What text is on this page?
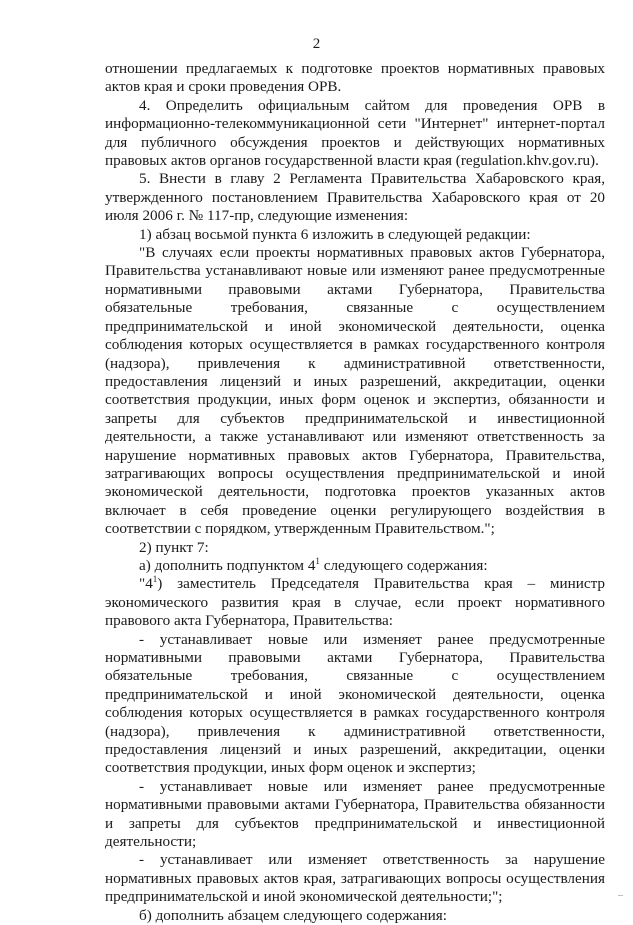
2

отношении предлагаемых к подготовке проектов нормативных правовых актов края и сроки проведения ОРВ.

4. Определить официальным сайтом для проведения ОРВ в информационно-телекоммуникационной сети "Интернет" интернет-портал для публичного обсуждения проектов и действующих нормативных правовых актов органов государственной власти края (regulation.khv.gov.ru).

5. Внести в главу 2 Регламента Правительства Хабаровского края, утвержденного постановлением Правительства Хабаровского края от 20 июля 2006 г. № 117-пр, следующие изменения:

1) абзац восьмой пункта 6 изложить в следующей редакции:

"В случаях если проекты нормативных правовых актов Губернатора, Правительства устанавливают новые или изменяют ранее предусмотренные нормативными правовыми актами Губернатора, Правительства обязательные требования, связанные с осуществлением предпринимательской и иной экономической деятельности, оценка соблюдения которых осуществляется в рамках государственного контроля (надзора), привлечения к административной ответственности, предоставления лицензий и иных разрешений, аккредитации, оценки соответствия продукции, иных форм оценок и экспертиз, обязанности и запреты для субъектов предпринимательской и инвестиционной деятельности, а также устанавливают или изменяют ответственность за нарушение нормативных правовых актов Губернатора, Правительства, затрагивающих вопросы осуществления предпринимательской и иной экономической деятельности, подготовка проектов указанных актов включает в себя проведение оценки регулирующего воздействия в соответствии с порядком, утвержденным Правительством.";

2) пункт 7:

а) дополнить подпунктом $4^1$ следующего содержания:

"$4^1$) заместитель Председателя Правительства края – министр экономического развития края в случае, если проект нормативного правового акта Губернатора, Правительства:

- устанавливает новые или изменяет ранее предусмотренные нормативными правовыми актами Губернатора, Правительства обязательные требования, связанные с осуществлением предпринимательской и иной экономической деятельности, оценка соблюдения которых осуществляется в рамках государственного контроля (надзора), привлечения к административной ответственности, предоставления лицензий и иных разрешений, аккредитации, оценки соответствия продукции, иных форм оценок и экспертиз;

- устанавливает новые или изменяет ранее предусмотренные нормативными правовыми актами Губернатора, Правительства обязанности и запреты для субъектов предпринимательской и инвестиционной деятельности;

- устанавливает или изменяет ответственность за нарушение нормативных правовых актов края, затрагивающих вопросы осуществления предпринимательской и иной экономической деятельности;";

б) дополнить абзацем следующего содержания:

–
